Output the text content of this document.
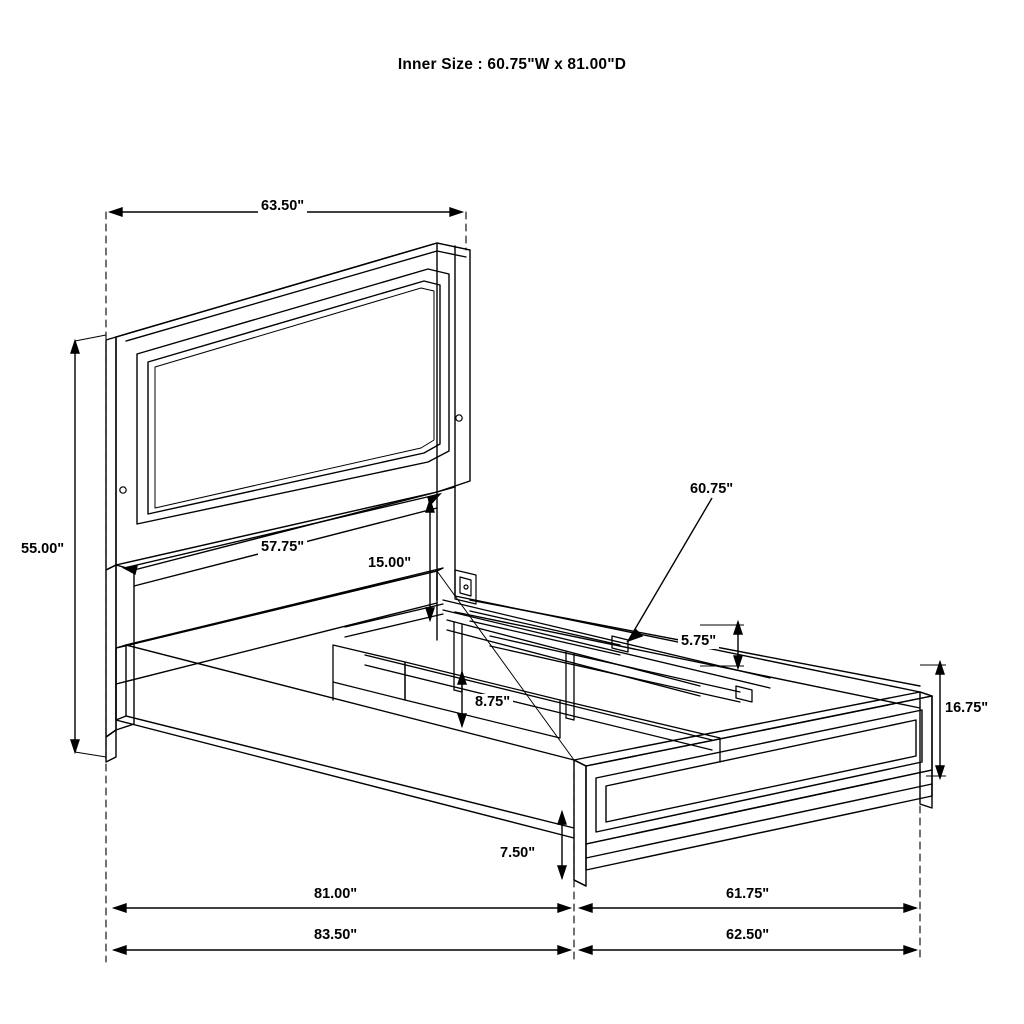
Inner Size : 60.75"W x 81.00"D
63.50"
55.00"	57.75"
15.00"
60.75"
5.75"
8.75"	16.75"
7.50"
81.00"	61.75"
83.50"	62.50"
